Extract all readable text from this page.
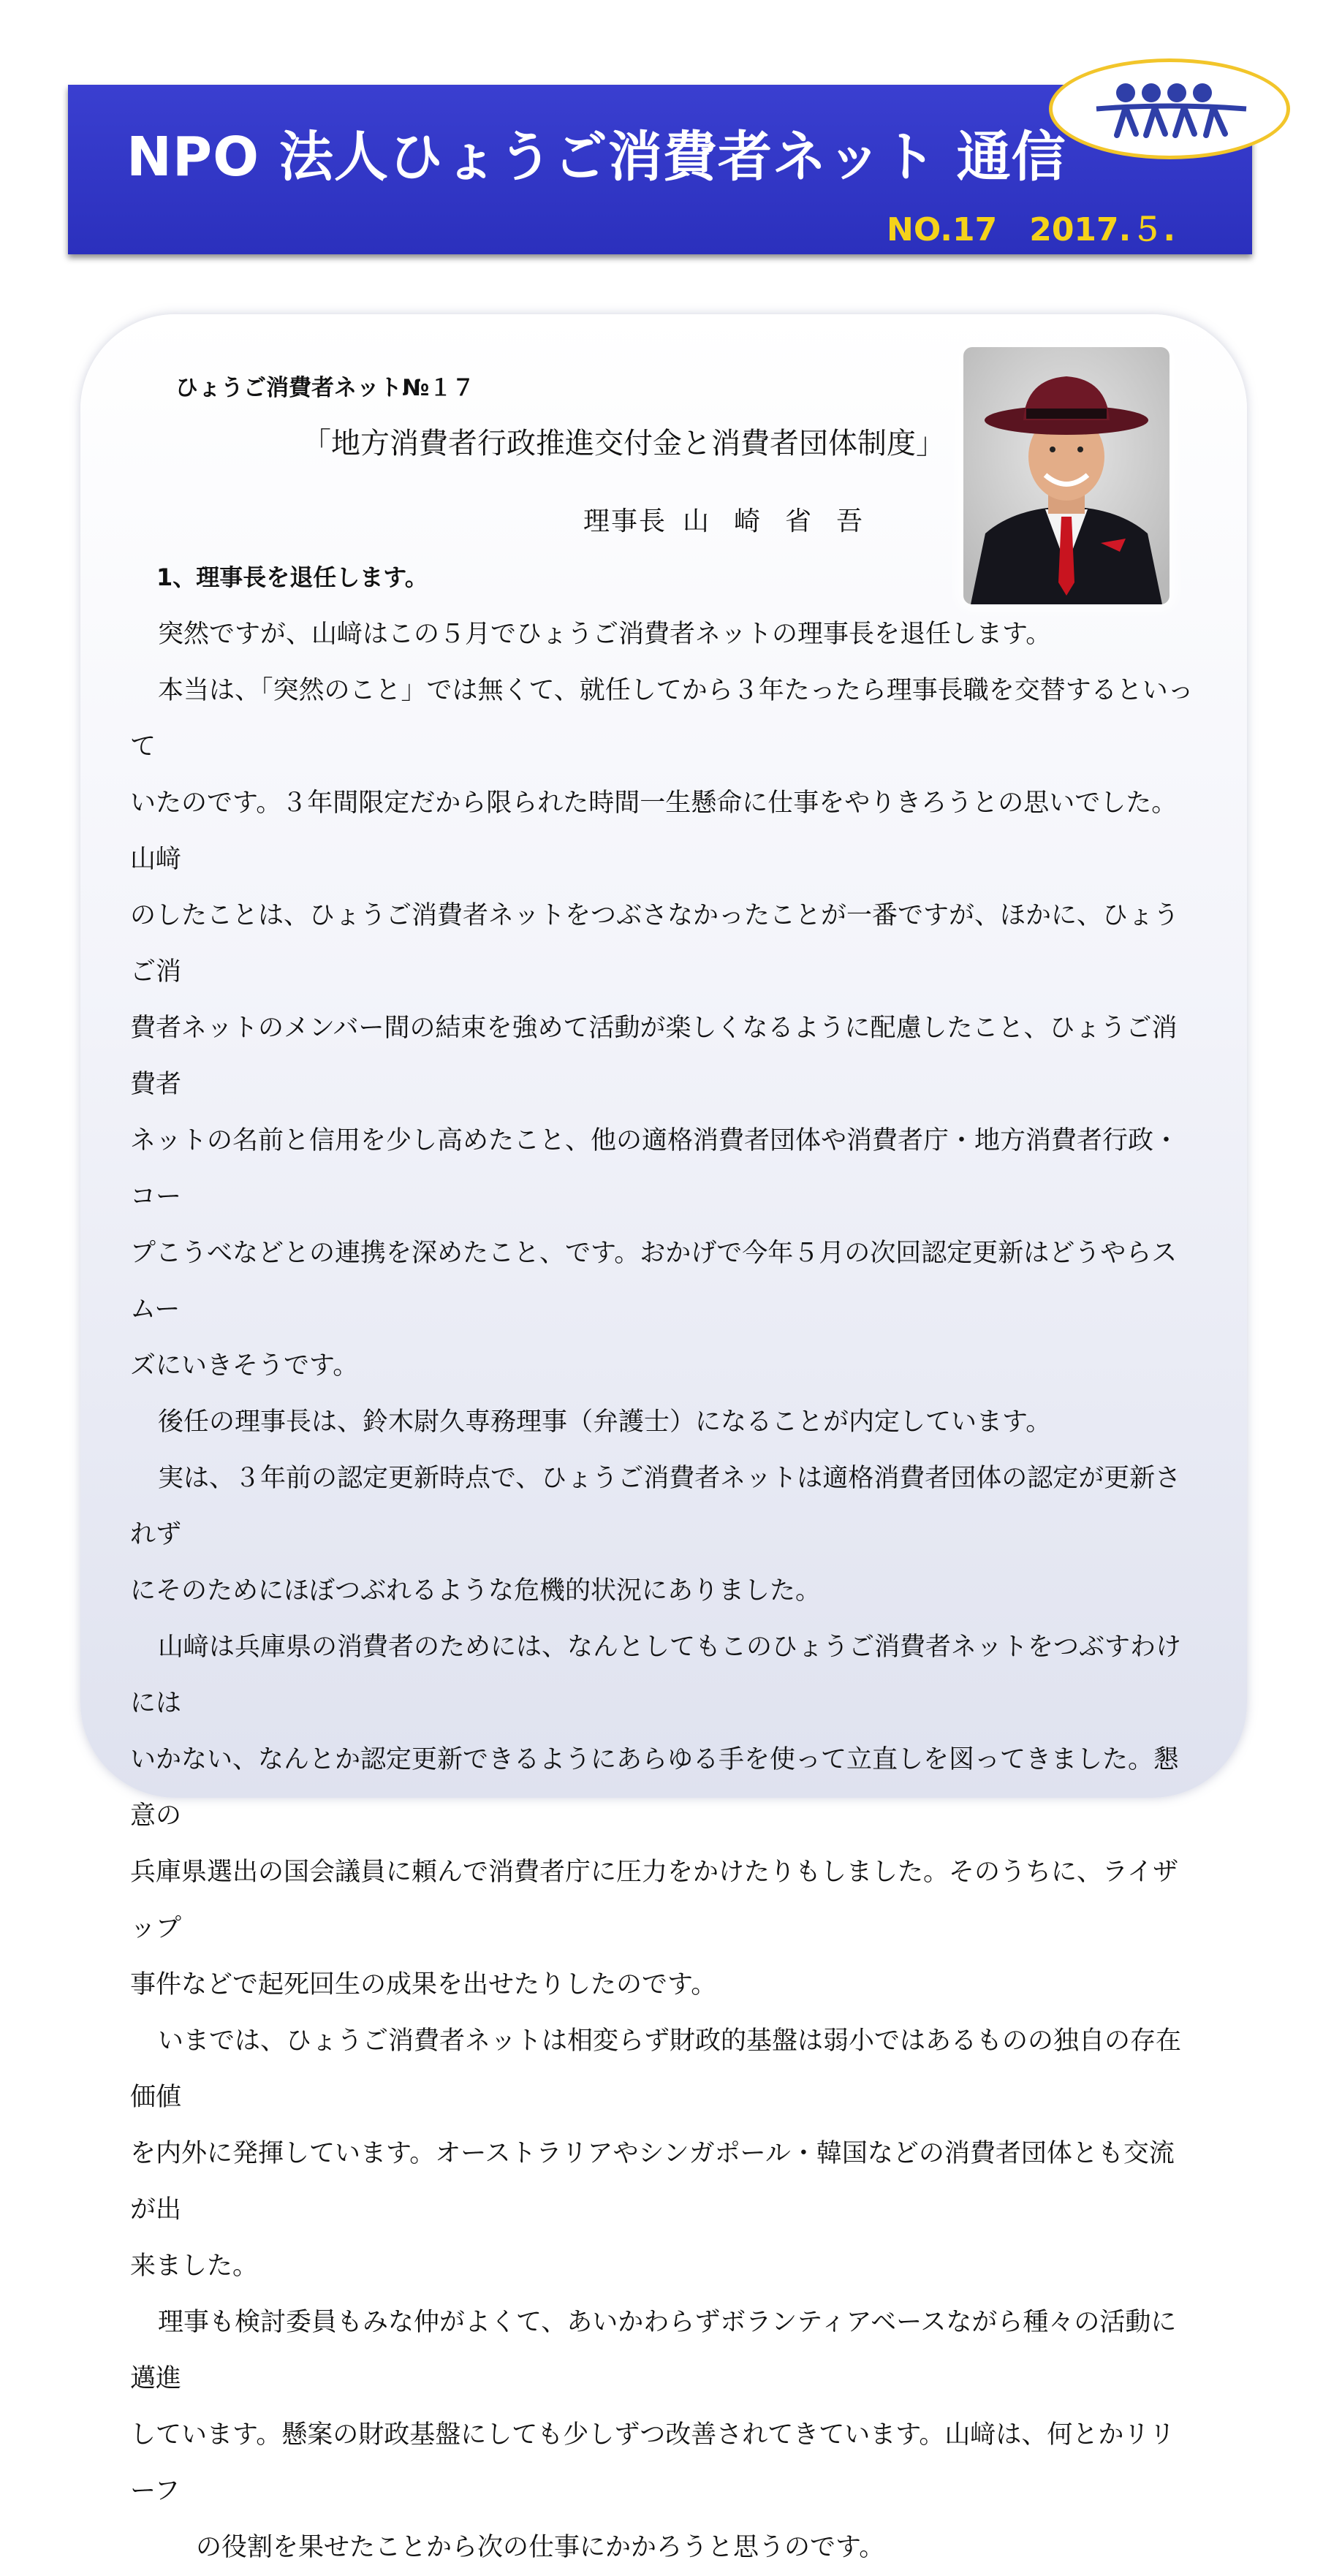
NPO 法人ひょうご消費者ネット 通信
NO.17　2017.５.
ひょうご消費者ネット№１７
「地方消費者行政推進交付金と消費者団体制度」
理事長 山崎省吾
1、理事長を退任します。

突然ですが、山﨑はこの５月でひょうご消費者ネットの理事長を退任します。

本当は、「突然のこと」では無くて、就任してから３年たったら理事長職を交替するといって
いたのです。３年間限定だから限られた時間一生懸命に仕事をやりきろうとの思いでした。山﨑
のしたことは、ひょうご消費者ネットをつぶさなかったことが一番ですが、ほかに、ひょうご消
費者ネットのメンバー間の結束を強めて活動が楽しくなるように配慮したこと、ひょうご消費者
ネットの名前と信用を少し高めたこと、他の適格消費者団体や消費者庁・地方消費者行政・コー
プこうべなどとの連携を深めたこと、です。おかげで今年５月の次回認定更新はどうやらスムー
ズにいきそうです。

後任の理事長は、鈴木尉久専務理事（弁護士）になることが内定しています。

実は、３年前の認定更新時点で、ひょうご消費者ネットは適格消費者団体の認定が更新されず
にそのためにほぼつぶれるような危機的状況にありました。

山﨑は兵庫県の消費者のためには、なんとしてもこのひょうご消費者ネットをつぶすわけには
いかない、なんとか認定更新できるようにあらゆる手を使って立直しを図ってきました。懇意の
兵庫県選出の国会議員に頼んで消費者庁に圧力をかけたりもしました。そのうちに、ライザップ
事件などで起死回生の成果を出せたりしたのです。

いまでは、ひょうご消費者ネットは相変らず財政的基盤は弱小ではあるものの独自の存在価値
を内外に発揮しています。オーストラリアやシンガポール・韓国などの消費者団体とも交流が出
来ました。

理事も検討委員もみな仲がよくて、あいかわらずボランティアベースながら種々の活動に邁進
しています。懸案の財政基盤にしても少しずつ改善されてきています。山﨑は、何とかリリーフ

の役割を果せたことから次の仕事にかかろうと思うのです。
